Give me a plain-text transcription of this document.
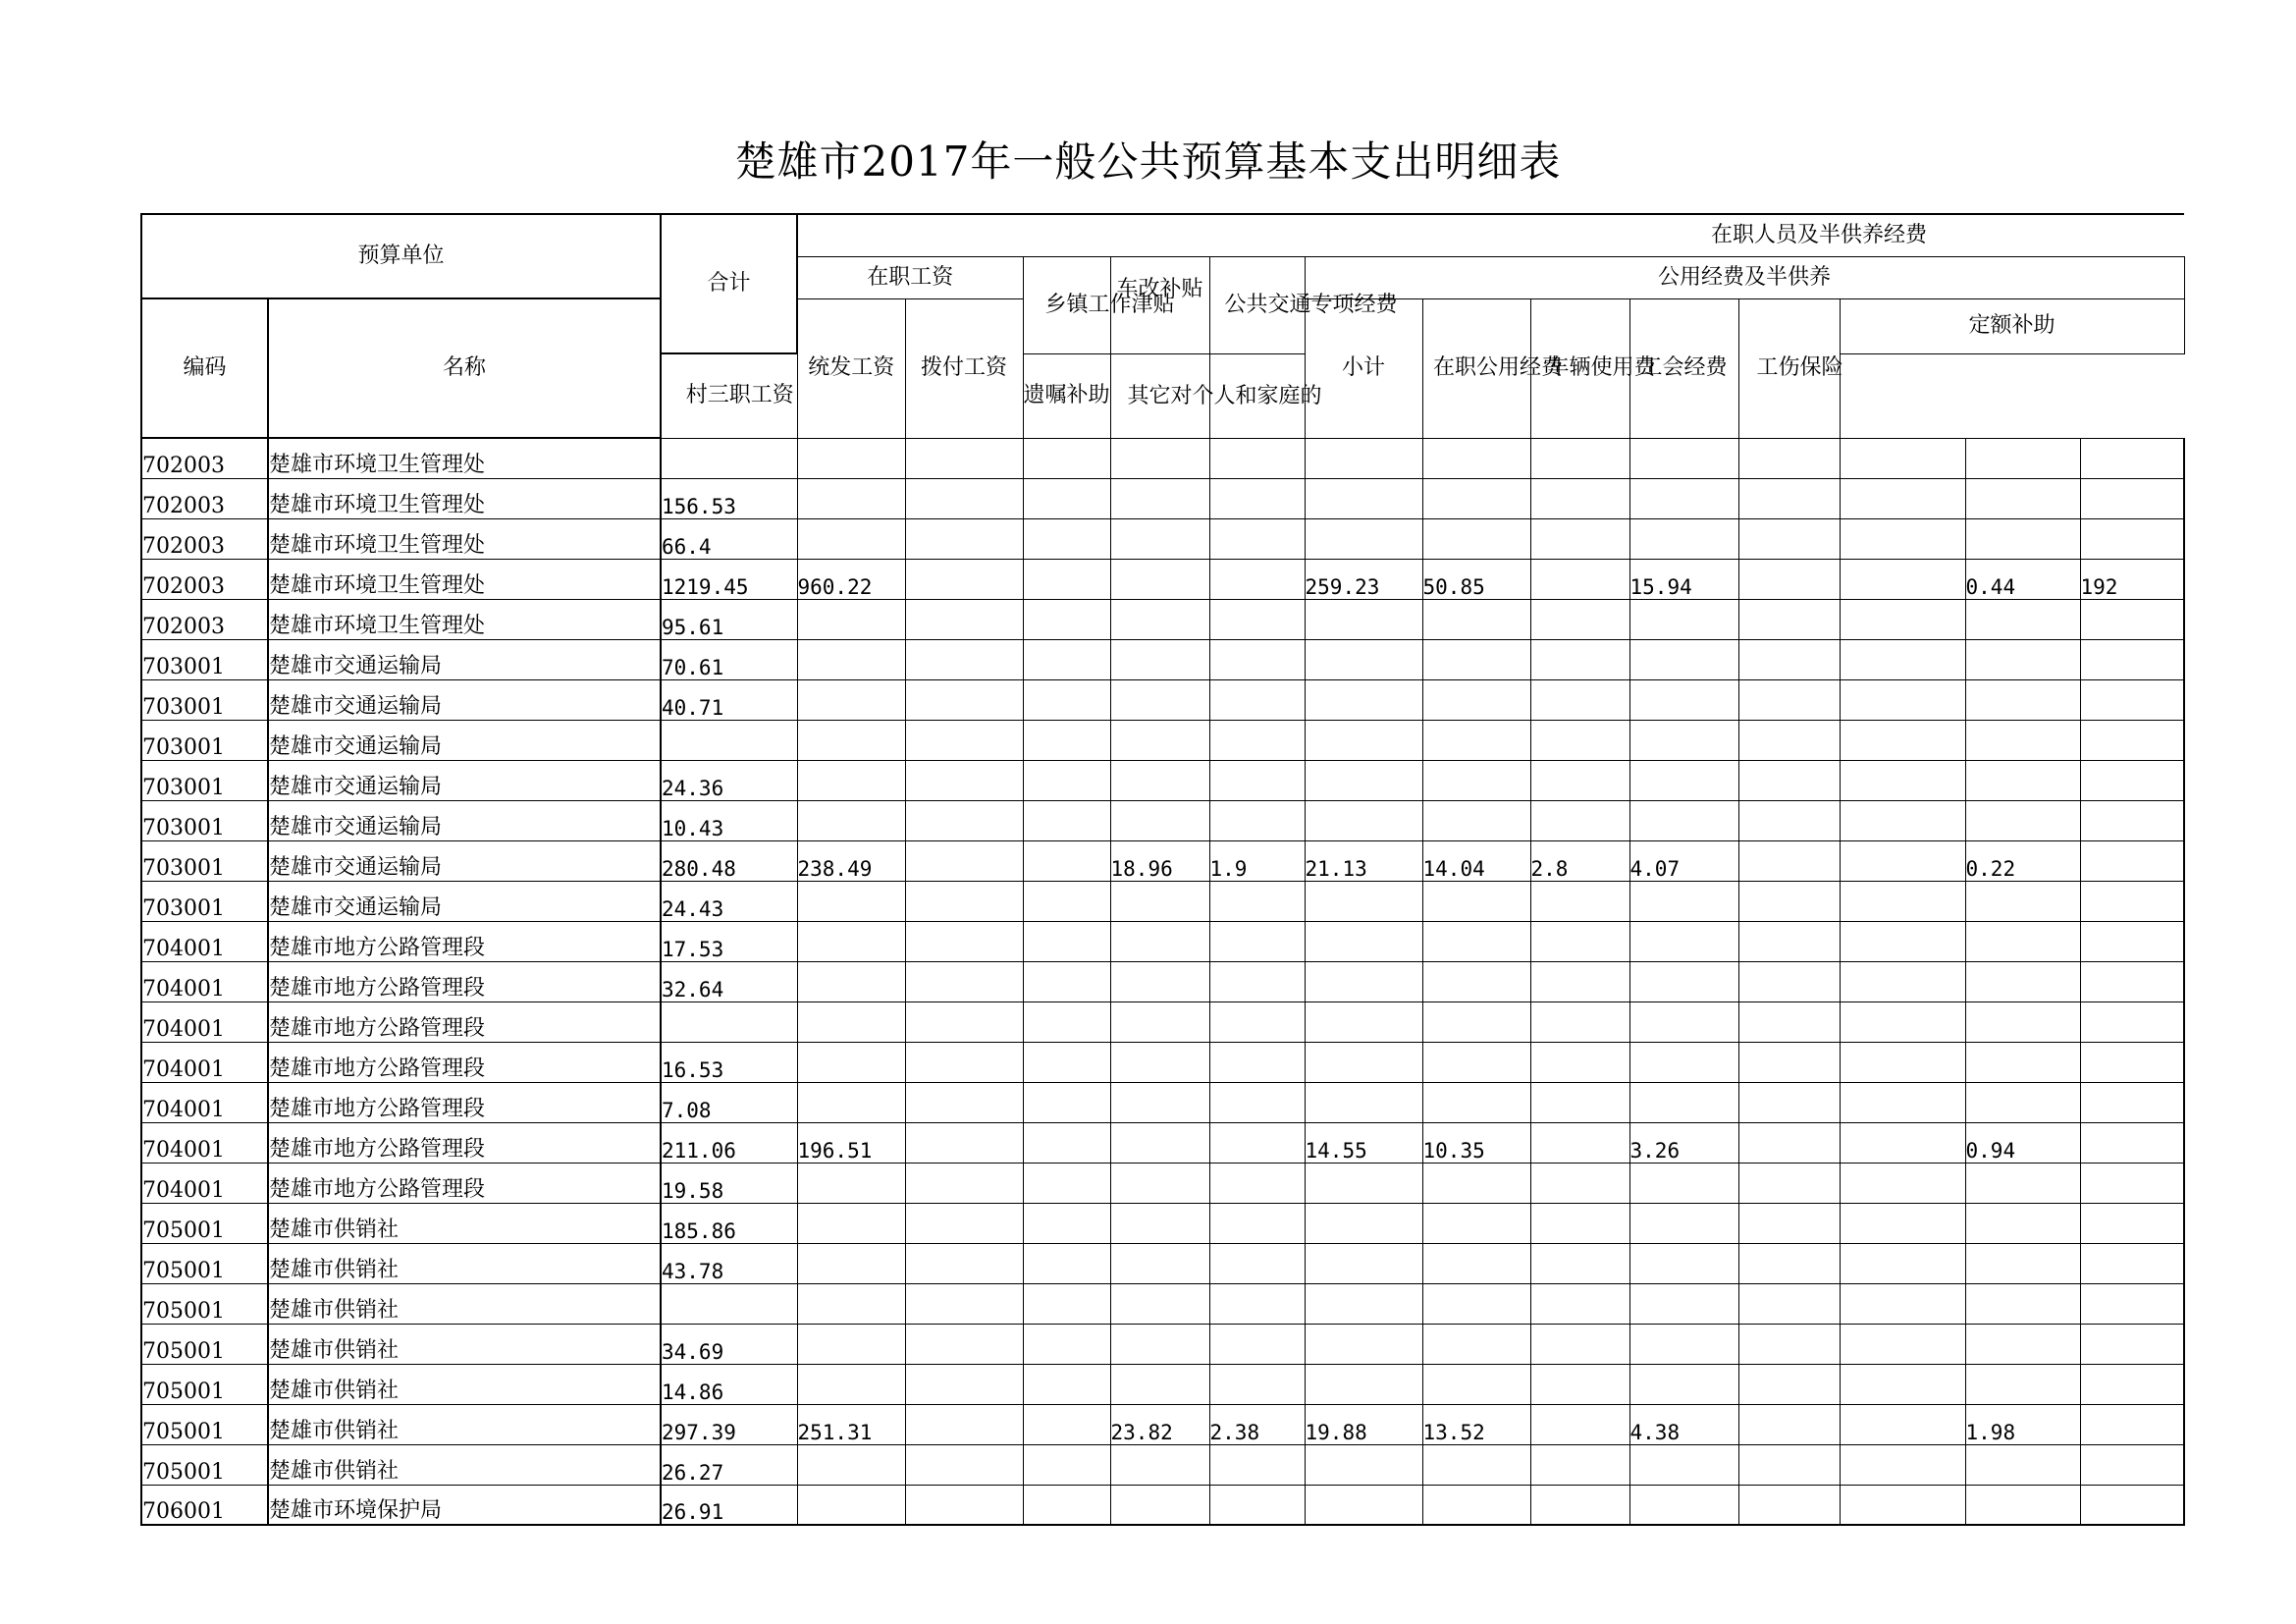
楚雄市2017年一般公共预算基本支出明细表
预算单位		合计	在职人员及半供养经费												
			在职工资		乡镇工作津贴	车改补贴	公共交通专项经费	公用经费及半供养							
编码	名称		统发工资	拨付工资				小计	在职公用经费	车辆使用费	工会经费	工伤保险	定额补助		

		村三职工资			遗嘱补助	其它对个人和家庭的									

702003	楚雄市环境卫生管理处														
702003	楚雄市环境卫生管理处	156.53													
702003	楚雄市环境卫生管理处	66.4													
702003	楚雄市环境卫生管理处	1219.45	960.22					259.23	50.85		15.94			0.44	192
702003	楚雄市环境卫生管理处	95.61													
703001	楚雄市交通运输局	70.61													
703001	楚雄市交通运输局	40.71													
703001	楚雄市交通运输局														
703001	楚雄市交通运输局	24.36													
703001	楚雄市交通运输局	10.43													
703001	楚雄市交通运输局	280.48	238.49			18.96	1.9	21.13	14.04	2.8	4.07			0.22	
703001	楚雄市交通运输局	24.43													
704001	楚雄市地方公路管理段	17.53													
704001	楚雄市地方公路管理段	32.64													
704001	楚雄市地方公路管理段														
704001	楚雄市地方公路管理段	16.53													
704001	楚雄市地方公路管理段	7.08													
704001	楚雄市地方公路管理段	211.06	196.51					14.55	10.35		3.26			0.94	
704001	楚雄市地方公路管理段	19.58													
705001	楚雄市供销社	185.86													
705001	楚雄市供销社	43.78													
705001	楚雄市供销社														
705001	楚雄市供销社	34.69													
705001	楚雄市供销社	14.86													
705001	楚雄市供销社	297.39	251.31			23.82	2.38	19.88	13.52		4.38			1.98	
705001	楚雄市供销社	26.27													
706001	楚雄市环境保护局	26.91													
